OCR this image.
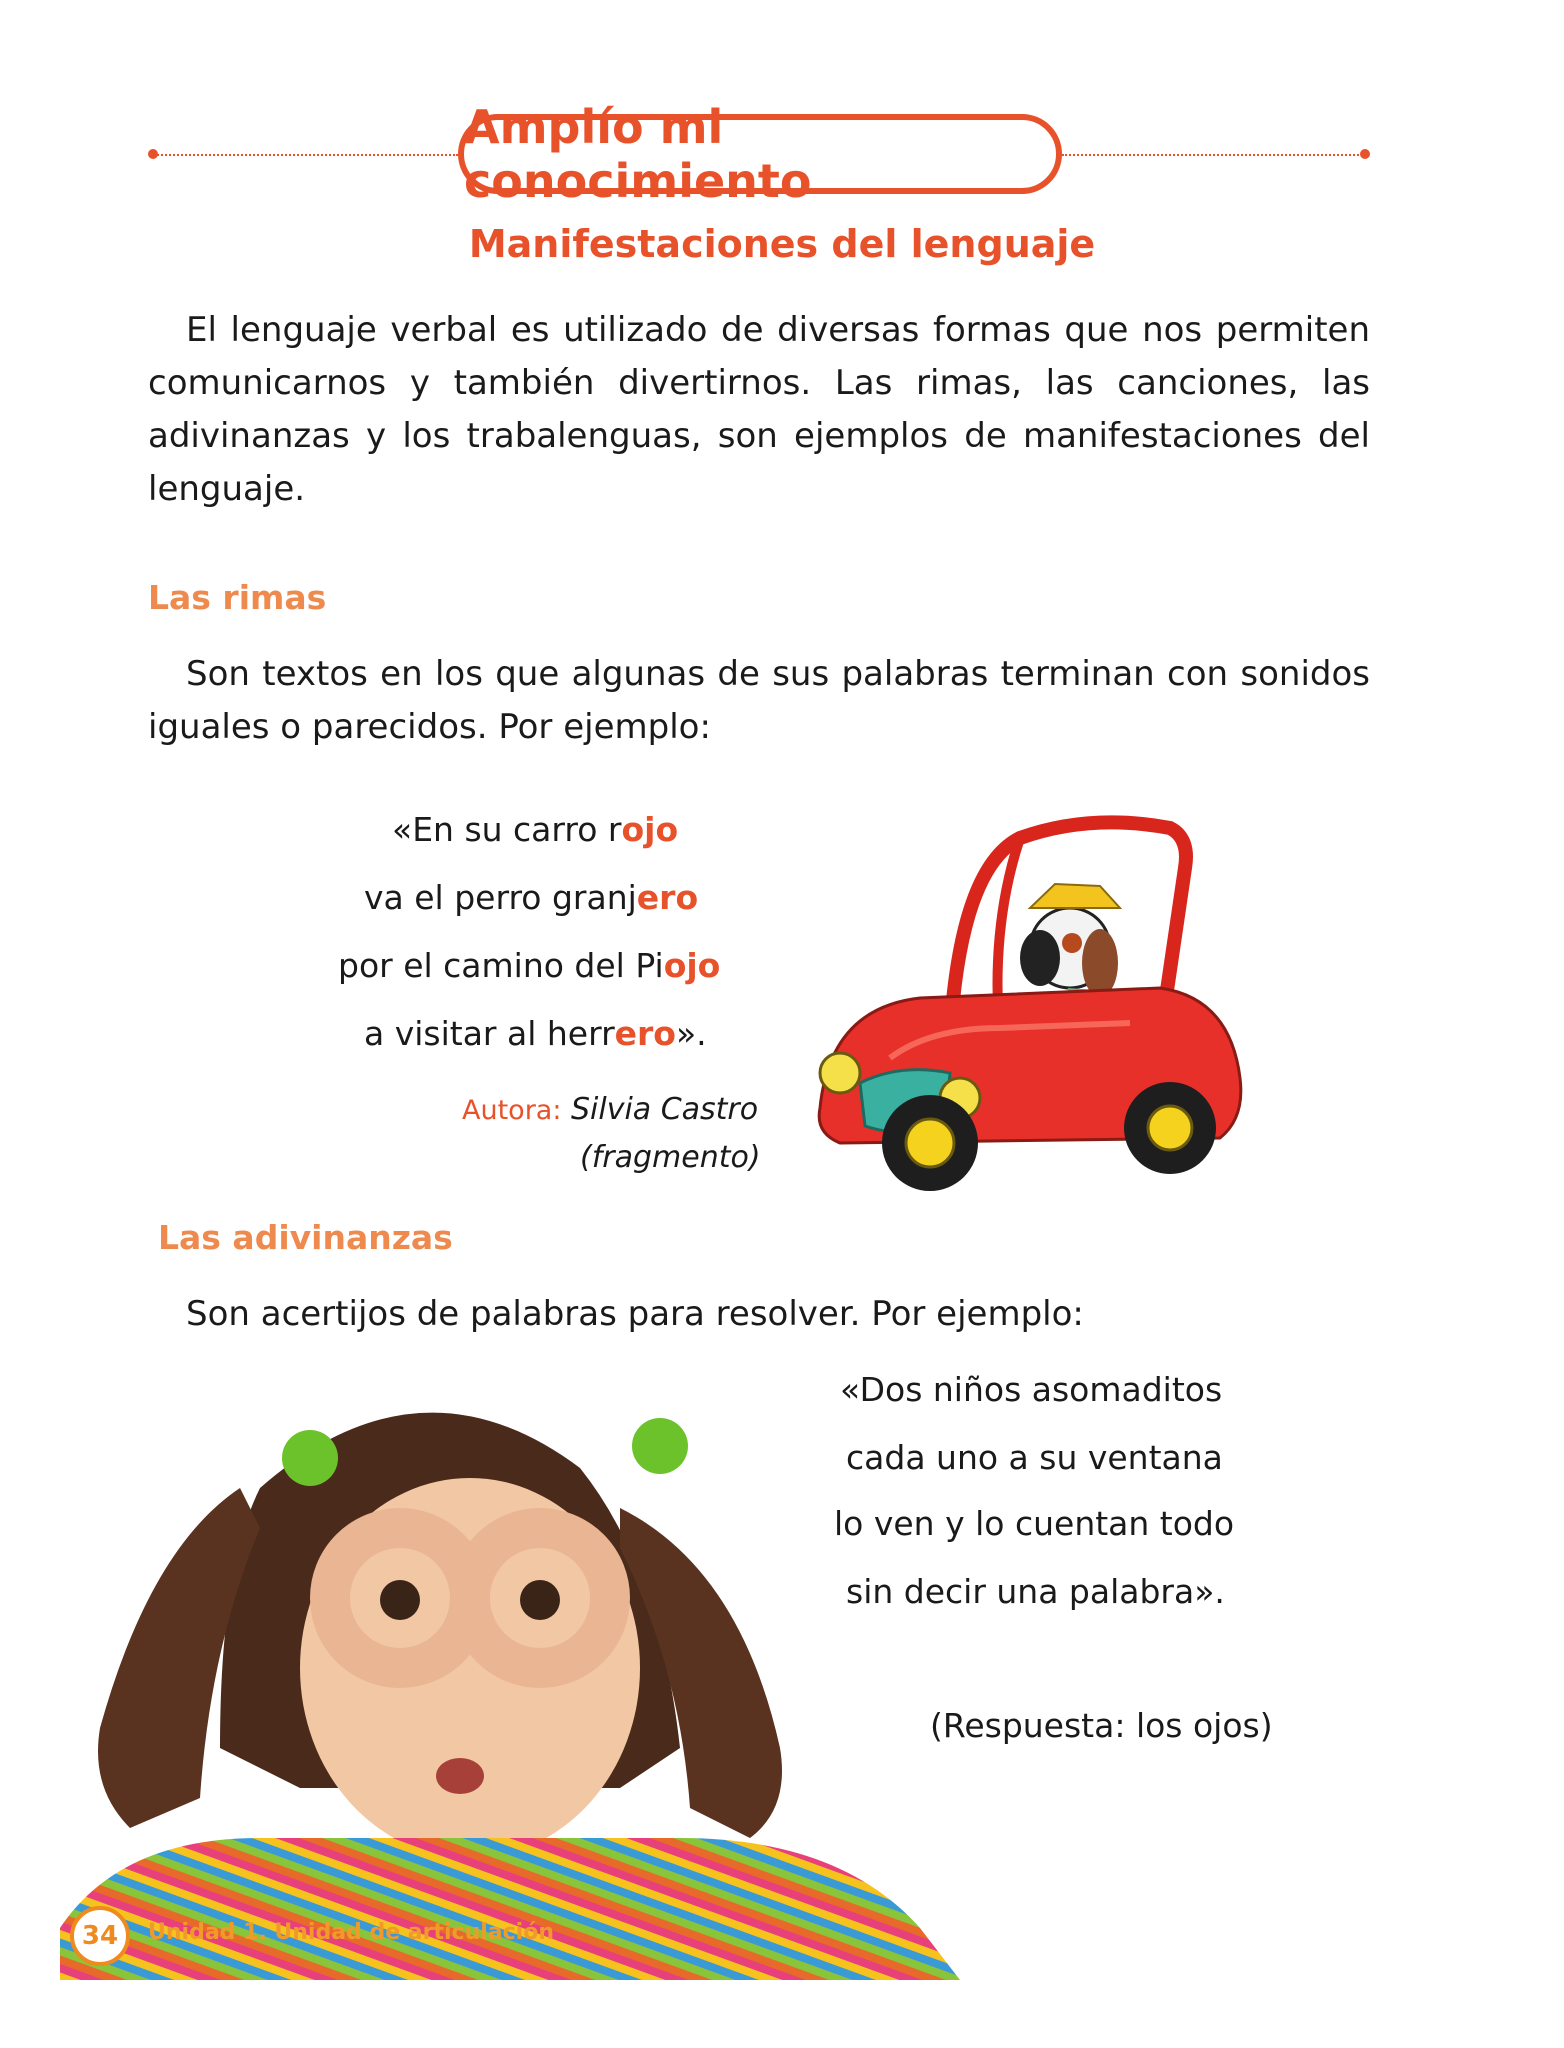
Amplío mi conocimiento
Manifestaciones del lenguaje
El lenguaje verbal es utilizado de diversas formas que nos permiten comunicarnos y también divertirnos. Las rimas, las canciones, las adivinanzas y los trabalenguas, son ejemplos de manifestaciones del lenguaje.
Las rimas
Son textos en los que algunas de sus palabras terminan con sonidos iguales o parecidos. Por ejemplo:
«En su carro rojo
va el perro granjero
por el camino del Piojo
a visitar al herrero».
Autora: Silvia Castro
(fragmento)
Las adivinanzas
Son acertijos de palabras para resolver. Por ejemplo:
«Dos niños asomaditos
cada uno a su ventana
lo ven y lo cuentan todo
sin decir una palabra».
(Respuesta: los ojos)
34	Unidad 1. Unidad de articulación
